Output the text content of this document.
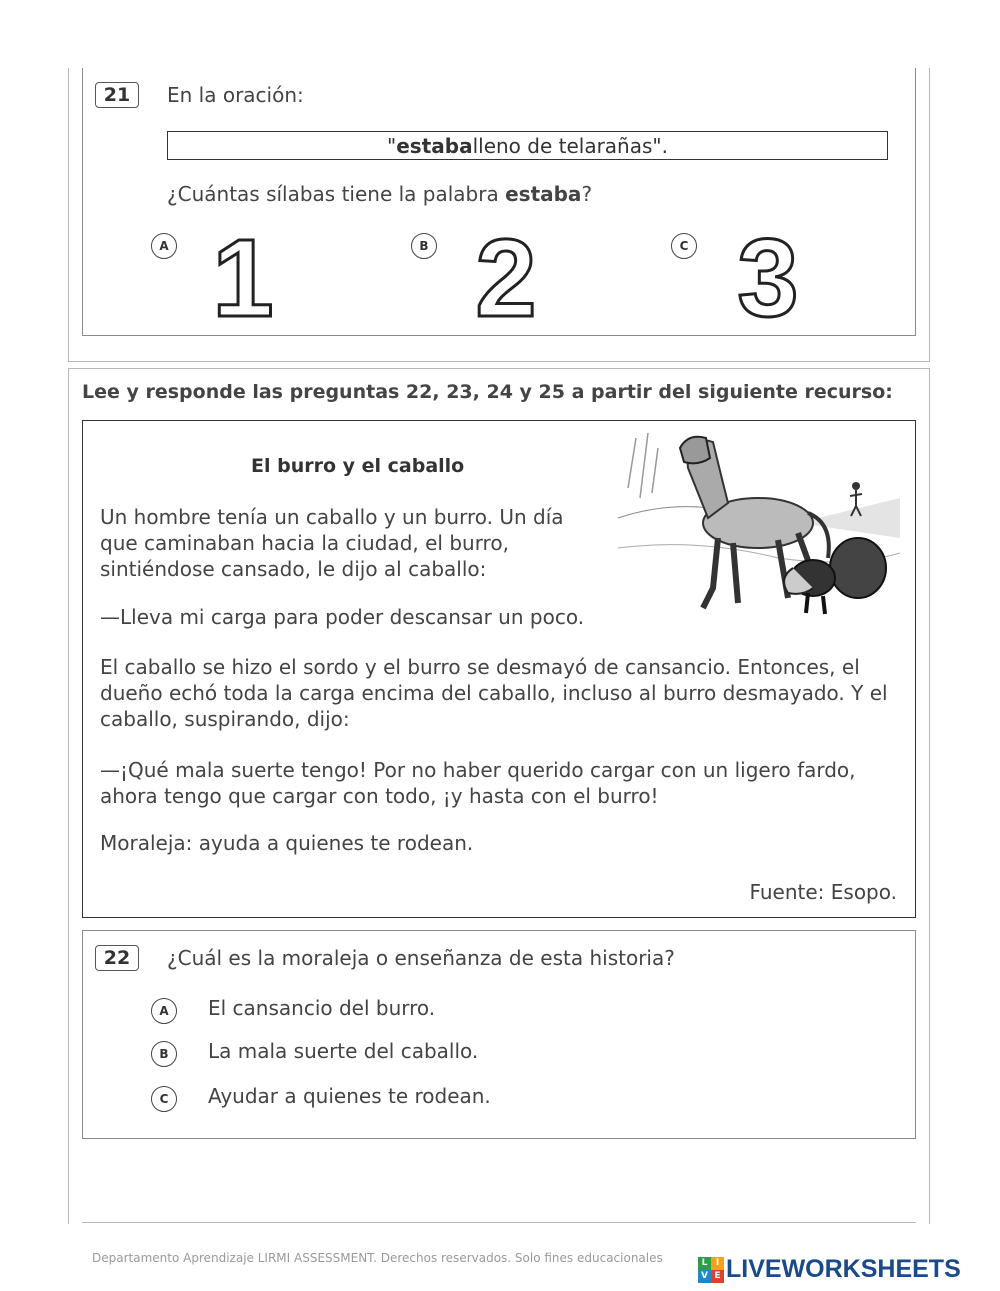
21	En la oración:
" estaba lleno de telarañas".
¿Cuántas sílabas tiene la palabra estaba?
A	B	C
1 2 3
Lee y responde las preguntas 22, 23, 24 y 25 a partir del siguiente recurso:
El burro y el caballo
Un hombre tenía un caballo y un burro. Un día que caminaban hacia la ciudad, el burro, sintiéndose cansado, le dijo al caballo:
—Lleva mi carga para poder descansar un poco.
El caballo se hizo el sordo y el burro se desmayó de cansancio. Entonces, el dueño echó toda la carga encima del caballo, incluso al burro desmayado. Y el caballo, suspirando, dijo:
—¡Qué mala suerte tengo! Por no haber querido cargar con un ligero fardo, ahora tengo que cargar con todo, ¡y hasta con el burro!
Moraleja: ayuda a quienes te rodean.
Fuente: Esopo.
22	¿Cuál es la moraleja o enseñanza de esta historia?
A	El cansancio del burro.
B	La mala suerte del caballo.
C	Ayudar a quienes te rodean.
Departamento Aprendizaje LIRMI ASSESSMENT. Derechos reservados. Solo fines educacionales	L I
V E LIVEWORKSHEETS
